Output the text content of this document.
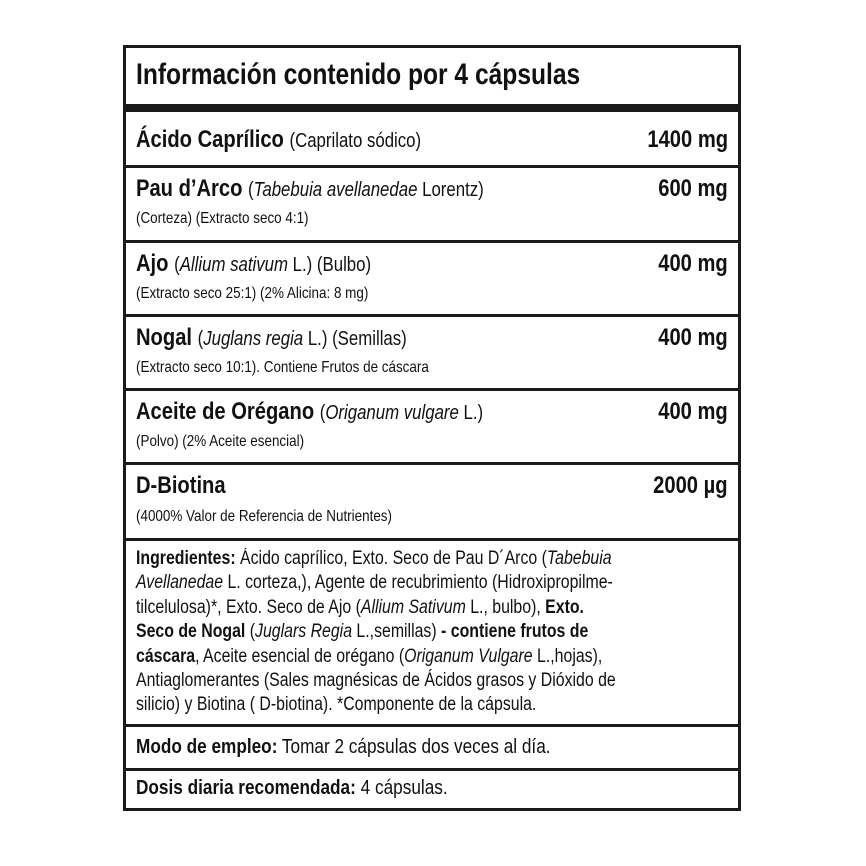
Información contenido por 4 cápsulas
Ácido Caprílico (Caprilato sódico)	1400 mg
Pau d’Arco (Tabebuia avellanedae Lorentz)	600 mg
(Corteza) (Extracto seco 4:1)
Ajo (Allium sativum L.) (Bulbo)	400 mg
(Extracto seco 25:1) (2% Alicina: 8 mg)
Nogal (Juglans regia L.) (Semillas)	400 mg
(Extracto seco 10:1). Contiene Frutos de cáscara
Aceite de Orégano (Origanum vulgare L.)	400 mg
(Polvo) (2% Aceite esencial)
D-Biotina	2000 µg
(4000% Valor de Referencia de Nutrientes)
Ingredientes: Ácido caprílico, Exto. Seco de Pau D´Arco (Tabebuia
Avellanedae L. corteza,), Agente de recubrimiento (Hidroxipropilme-
tilcelulosa)*, Exto. Seco de Ajo (Allium Sativum L., bulbo), Exto.
Seco de Nogal (Juglars Regia L.,semillas) - contiene frutos de
cáscara, Aceite esencial de orégano (Origanum Vulgare L.,hojas),
Antiaglomerantes (Sales magnésicas de Ácidos grasos y Dióxido de
silicio) y Biotina ( D-biotina). *Componente de la cápsula.
Modo de empleo: Tomar 2 cápsulas dos veces al día.
Dosis diaria recomendada: 4 cápsulas.
